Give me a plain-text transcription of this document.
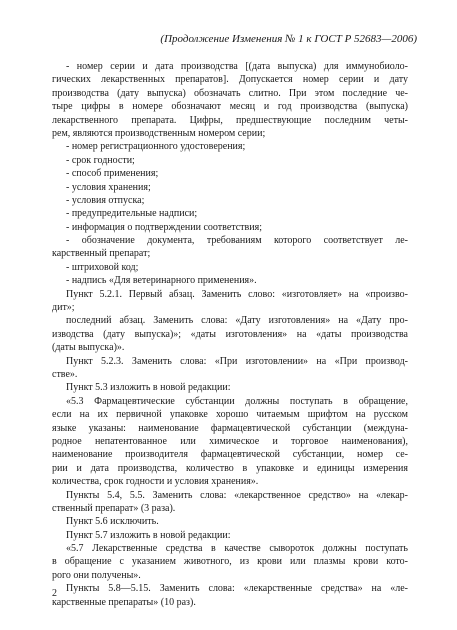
(Продолжение Изменения № 1 к ГОСТ Р 52683—2006)
- номер серии и дата производства [(дата выпуска) для иммунобиоло-
гических лекарственных препаратов]. Допускается номер серии и дату
производства (дату выпуска) обозначать слитно. При этом последние че-
тыре цифры в номере обозначают месяц и год производства (выпуска)
лекарственного препарата. Цифры, предшествующие последним четы-
рем, являются производственным номером серии;
- номер регистрационного удостоверения;
- срок годности;
- способ применения;
- условия хранения;
- условия отпуска;
- предупредительные надписи;
- информация о подтверждении соответствия;
- обозначение документа, требованиям которого соответствует ле-
карственный препарат;
- штриховой код;
- надпись «Для ветеринарного применения».
Пункт 5.2.1. Первый абзац. Заменить слово: «изготовляет» на «произво-
дит»;
последний абзац. Заменить слова: «Дату изготовления» на «Дату про-
изводства (дату выпуска)»; «даты изготовления» на «даты производства
(даты выпуска)».
Пункт 5.2.3. Заменить слова: «При изготовлении» на «При производ-
стве».
Пункт 5.3 изложить в новой редакции:
«5.3 Фармацевтические субстанции должны поступать в обращение,
если на их первичной упаковке хорошо читаемым шрифтом на русском
языке указаны: наименование фармацевтической субстанции (междуна-
родное непатентованное или химическое и торговое наименования),
наименование производителя фармацевтической субстанции, номер се-
рии и дата производства, количество в упаковке и единицы измерения
количества, срок годности и условия хранения».
Пункты 5.4, 5.5. Заменить слова: «лекарственное средство» на «лекар-
ственный препарат» (3 раза).
Пункт 5.6 исключить.
Пункт 5.7 изложить в новой редакции:
«5.7 Лекарственные средства в качестве сывороток должны поступать
в обращение с указанием животного, из крови или плазмы крови кото-
рого они получены».
Пункты 5.8—5.15. Заменить слова: «лекарственные средства» на «ле-
карственные препараты» (10 раз).
2
